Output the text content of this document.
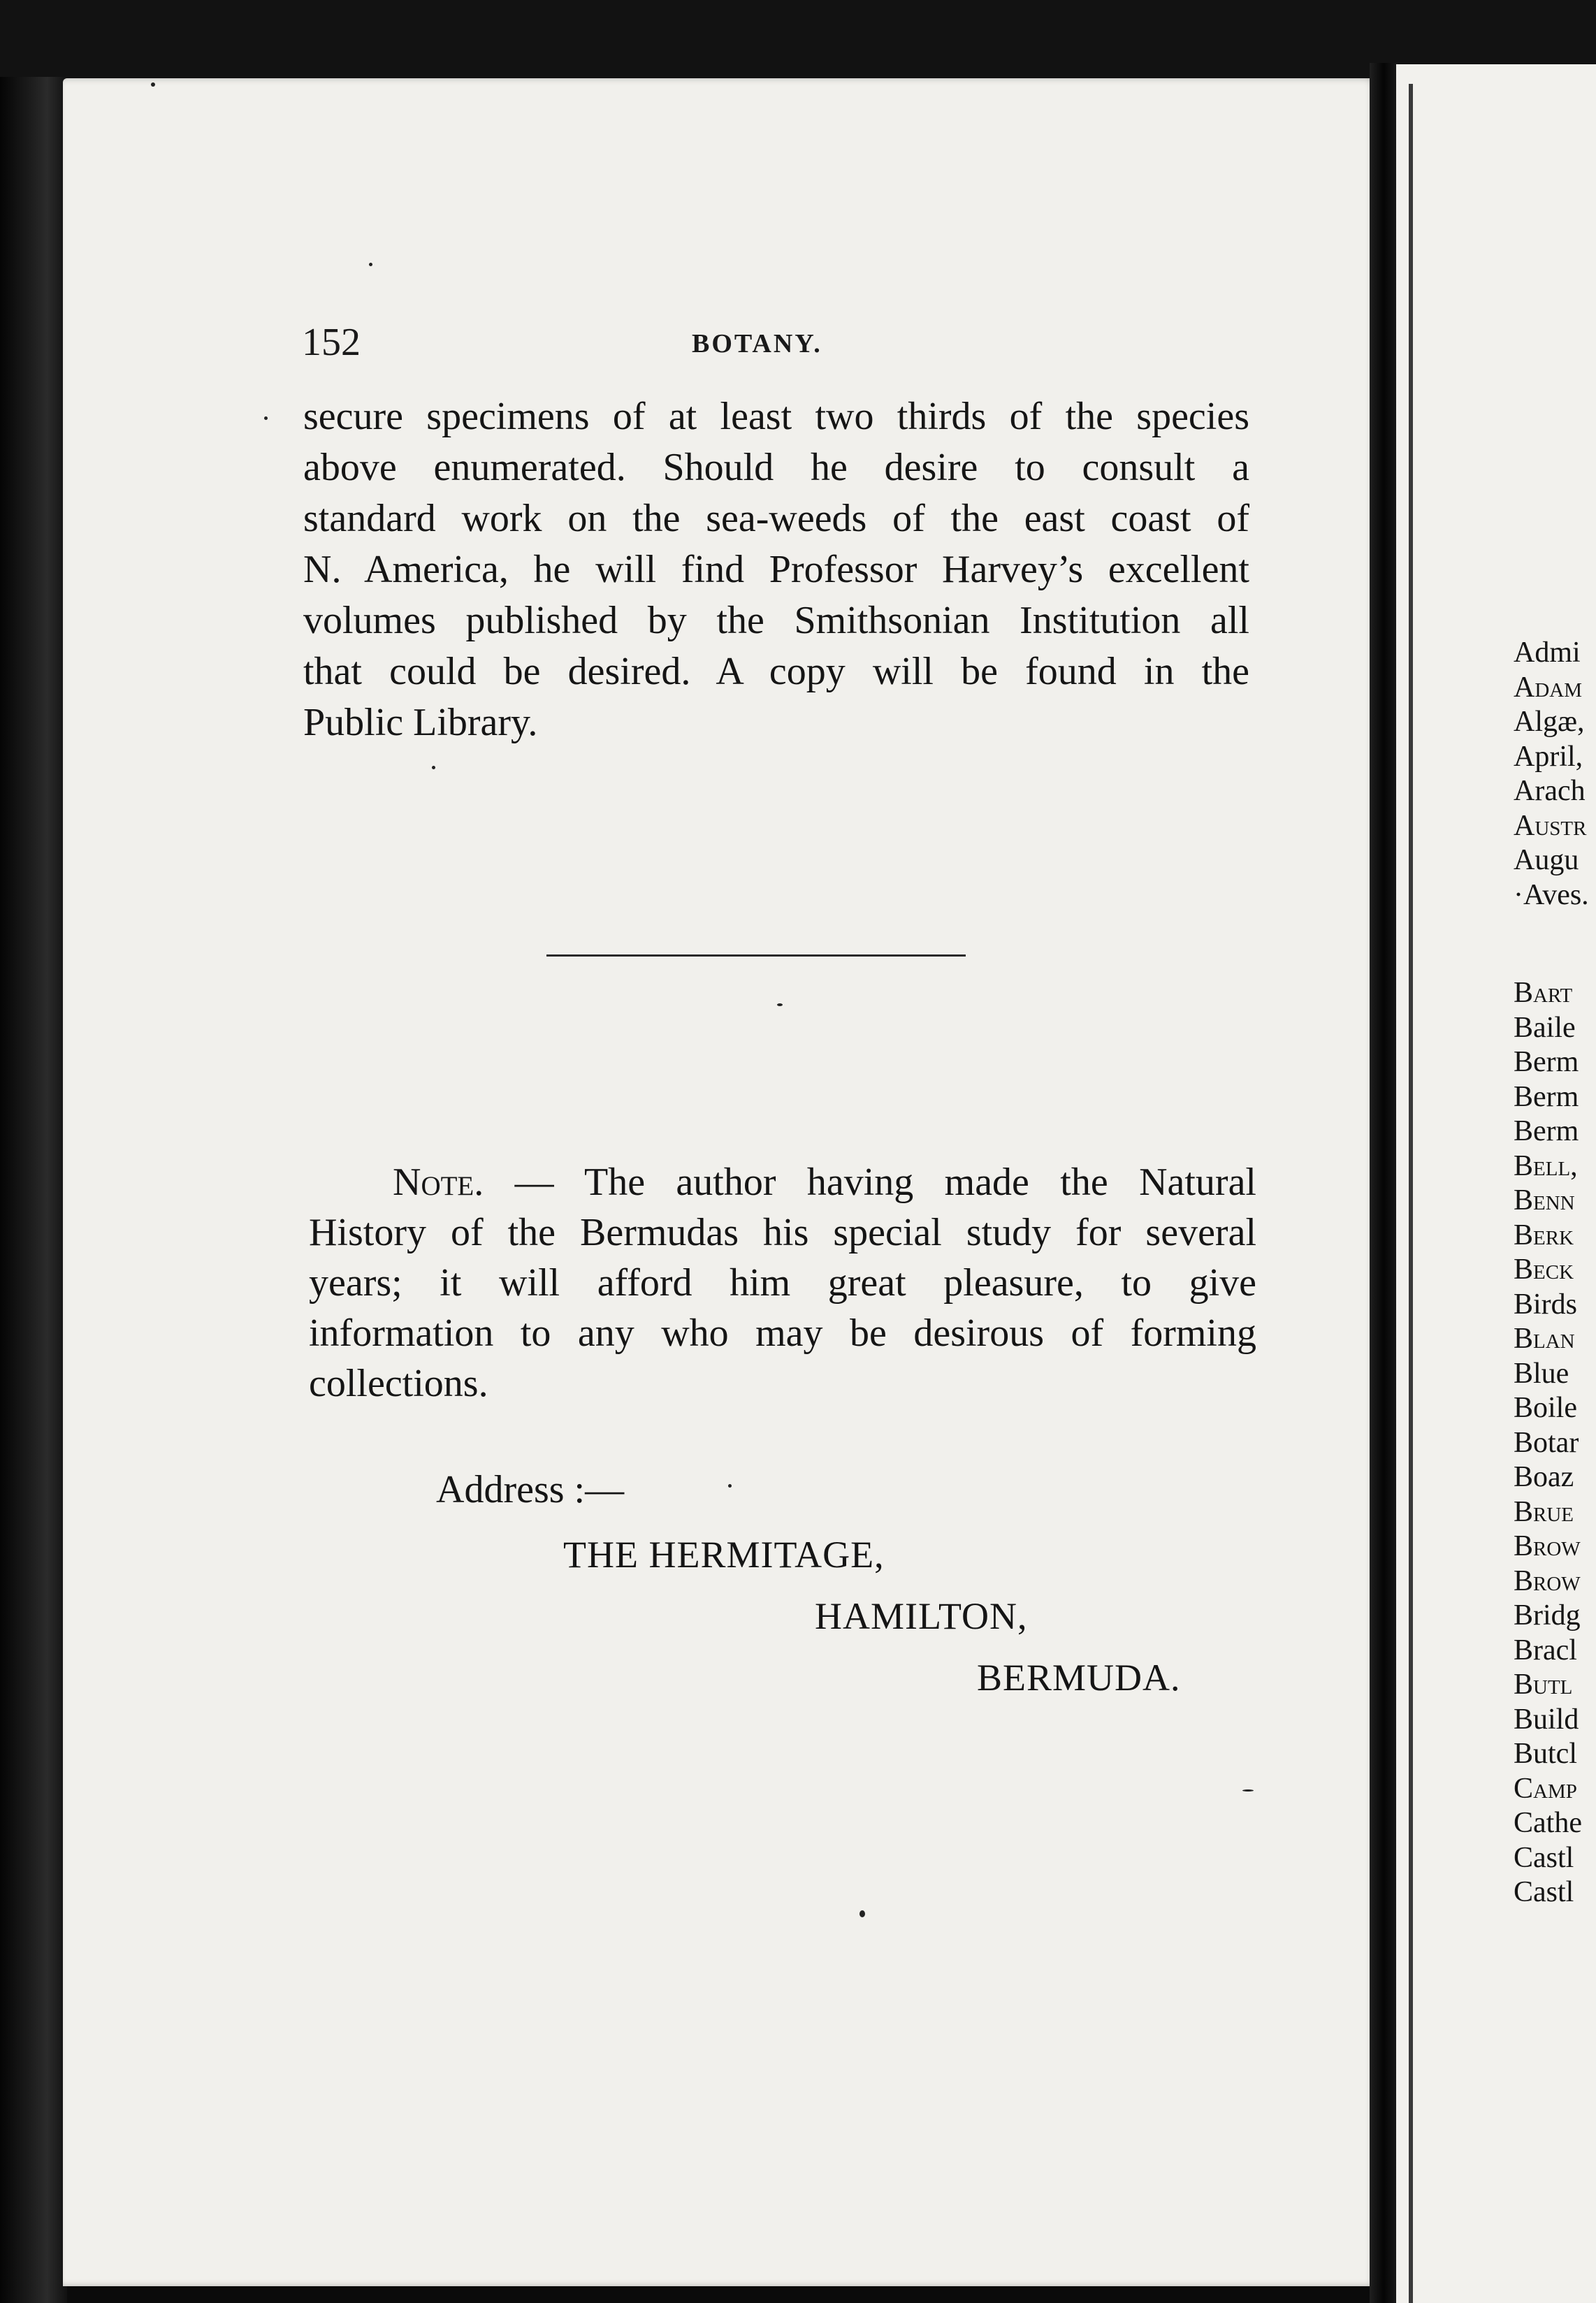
152	BOTANY.
secure specimens of at least two thirds of the species
above enumerated. Should he desire to consult a
standard work on the sea-weeds of the east coast of
N. America, he will find Professor Harvey’s excellent
volumes published by the Smithsonian Institution all
that could be desired. A copy will be found in the
Public Library.
Note. — The author having made the Natural
History of the Bermudas his special study for several
years; it will afford him great pleasure, to give
information to any who may be desirous of forming
collections.
Address :—
THE HERMITAGE,
HAMILTON,
BERMUDA.
Admi
Adam
Algæ,
April,
Arach
Austr
Augu
·Aves.
Bart
Baile
Berm
Berm
Berm
Bell,
Benn
Berk
Beck
Birds
Blan
Blue
Boile
Botar
Boaz
Brue
Brow
Brow
Bridg
Bracl
Butl
Build
Butcl
Camp
Cathe
Castl
Castl
